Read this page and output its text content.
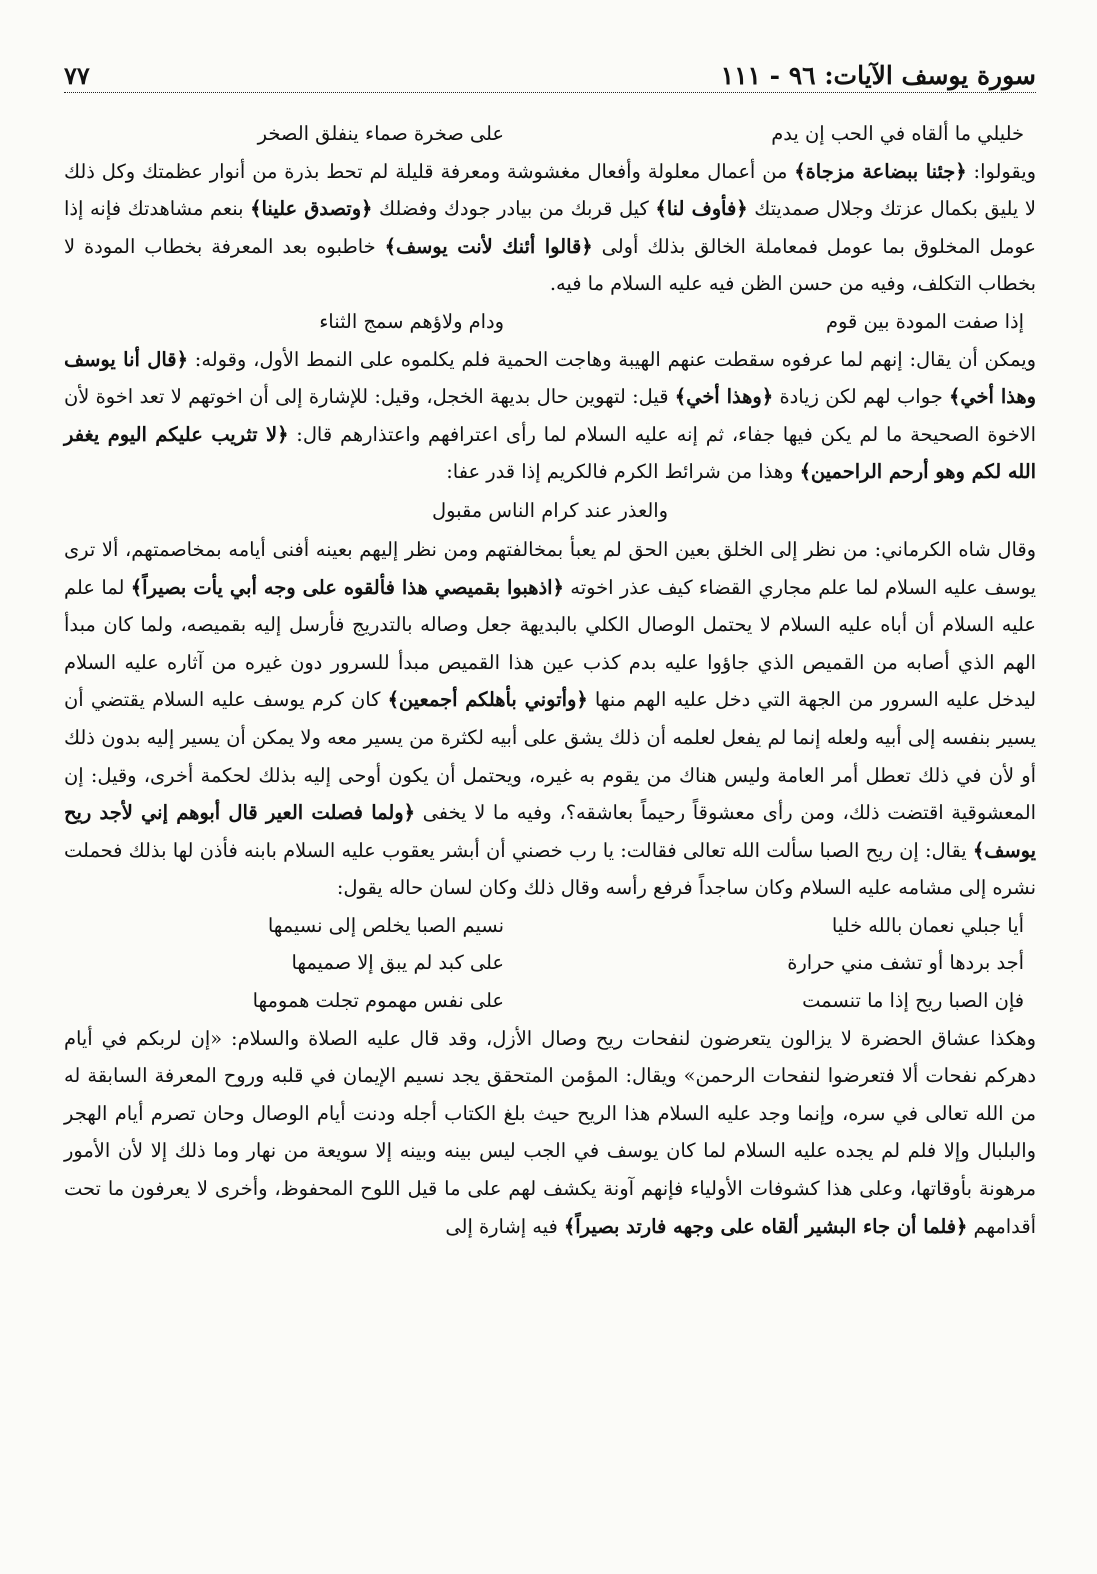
سورة يوسف الآيات: ٩٦ - ١١١
٧٧
خليلي ما ألقاه في الحب إن يدم
على صخرة صماء ينفلق الصخر

ويقولوا: ﴿جئنا ببضاعة مزجاة﴾ من أعمال معلولة وأفعال مغشوشة ومعرفة قليلة لم تحط بذرة من أنوار عظمتك وكل ذلك لا يليق بكمال عزتك وجلال صمديتك ﴿فأوف لنا﴾ كيل قربك من بيادر جودك وفضلك ﴿وتصدق علينا﴾ بنعم مشاهدتك فإنه إذا عومل المخلوق بما عومل فمعاملة الخالق بذلك أولى ﴿قالوا أئنك لأنت يوسف﴾ خاطبوه بعد المعرفة بخطاب المودة لا بخطاب التكلف، وفيه من حسن الظن فيه عليه السلام ما فيه.

إذا صفت المودة بين قوم
ودام ولاؤهم سمج الثناء

ويمكن أن يقال: إنهم لما عرفوه سقطت عنهم الهيبة وهاجت الحمية فلم يكلموه على النمط الأول، وقوله: ﴿قال أنا يوسف وهذا أخي﴾ جواب لهم لكن زيادة ﴿وهذا أخي﴾ قيل: لتهوين حال بديهة الخجل، وقيل: للإشارة إلى أن اخوتهم لا تعد اخوة لأن الاخوة الصحيحة ما لم يكن فيها جفاء، ثم إنه عليه السلام لما رأى اعترافهم واعتذارهم قال: ﴿لا تثريب عليكم اليوم يغفر الله لكم وهو أرحم الراحمين﴾ وهذا من شرائط الكرم فالكريم إذا قدر عفا:

والعذر عند كرام الناس مقبول

وقال شاه الكرماني: من نظر إلى الخلق بعين الحق لم يعبأ بمخالفتهم ومن نظر إليهم بعينه أفنى أيامه بمخاصمتهم، ألا ترى يوسف عليه السلام لما علم مجاري القضاء كيف عذر اخوته ﴿اذهبوا بقميصي هذا فألقوه على وجه أبي يأت بصيراً﴾ لما علم عليه السلام أن أباه عليه السلام لا يحتمل الوصال الكلي بالبديهة جعل وصاله بالتدريج فأرسل إليه بقميصه، ولما كان مبدأ الهم الذي أصابه من القميص الذي جاؤوا عليه بدم كذب عين هذا القميص مبدأ للسرور دون غيره من آثاره عليه السلام ليدخل عليه السرور من الجهة التي دخل عليه الهم منها ﴿وأتوني بأهلكم أجمعين﴾ كان كرم يوسف عليه السلام يقتضي أن يسير بنفسه إلى أبيه ولعله إنما لم يفعل لعلمه أن ذلك يشق على أبيه لكثرة من يسير معه ولا يمكن أن يسير إليه بدون ذلك أو لأن في ذلك تعطل أمر العامة وليس هناك من يقوم به غيره، ويحتمل أن يكون أوحى إليه بذلك لحكمة أخرى، وقيل: إن المعشوقية اقتضت ذلك، ومن رأى معشوقاً رحيماً بعاشقه؟، وفيه ما لا يخفى ﴿ولما فصلت العير قال أبوهم إني لأجد ريح يوسف﴾ يقال: إن ريح الصبا سألت الله تعالى فقالت: يا رب خصني أن أبشر يعقوب عليه السلام بابنه فأذن لها بذلك فحملت نشره إلى مشامه عليه السلام وكان ساجداً فرفع رأسه وقال ذلك وكان لسان حاله يقول:

أيا جبلي نعمان بالله خليا
نسيم الصبا يخلص إلى نسيمها
أجد بردها أو تشف مني حرارة
على كبد لم يبق إلا صميمها
فإن الصبا ريح إذا ما تنسمت
على نفس مهموم تجلت همومها

وهكذا عشاق الحضرة لا يزالون يتعرضون لنفحات ريح وصال الأزل، وقد قال عليه الصلاة والسلام: «إن لربكم في أيام دهركم نفحات ألا فتعرضوا لنفحات الرحمن» ويقال: المؤمن المتحقق يجد نسيم الإيمان في قلبه وروح المعرفة السابقة له من الله تعالى في سره، وإنما وجد عليه السلام هذا الريح حيث بلغ الكتاب أجله ودنت أيام الوصال وحان تصرم أيام الهجر والبلبال وإلا فلم لم يجده عليه السلام لما كان يوسف في الجب ليس بينه وبينه إلا سويعة من نهار وما ذلك إلا لأن الأمور مرهونة بأوقاتها، وعلى هذا كشوفات الأولياء فإنهم آونة يكشف لهم على ما قيل اللوح المحفوظ، وأخرى لا يعرفون ما تحت أقدامهم ﴿فلما أن جاء البشير ألقاه على وجهه فارتد بصيراً﴾ فيه إشارة إلى
